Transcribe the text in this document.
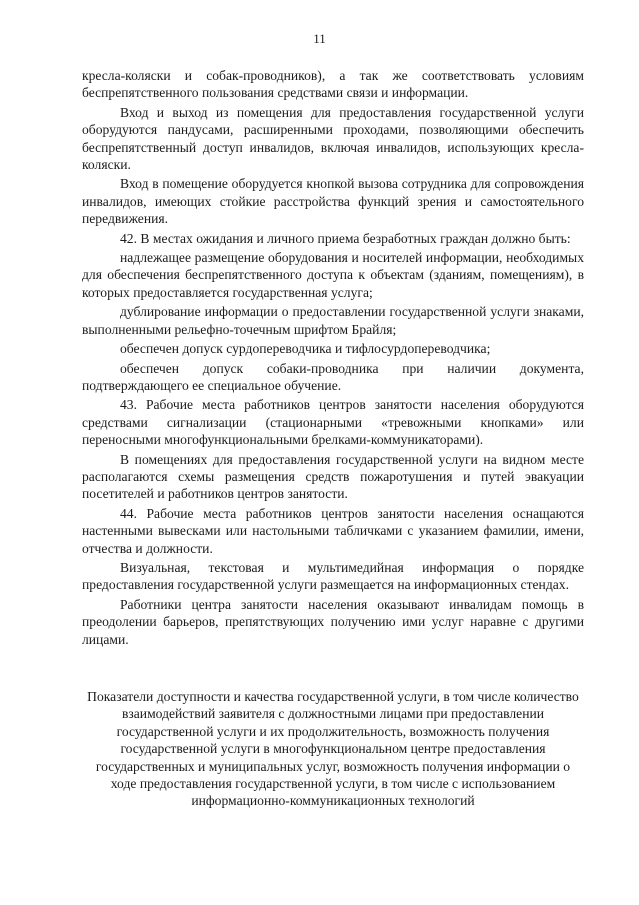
11

кресла-коляски и собак-проводников), а так же соответствовать условиям беспрепятственного пользования средствами связи и информации.

Вход и выход из помещения для предоставления государственной услуги оборудуются пандусами, расширенными проходами, позволяющими обеспечить беспрепятственный доступ инвалидов, включая инвалидов, использующих кресла-коляски.

Вход в помещение оборудуется кнопкой вызова сотрудника для сопровождения инвалидов, имеющих стойкие расстройства функций зрения и самостоятельного передвижения.

42. В местах ожидания и личного приема безработных граждан должно быть:

надлежащее размещение оборудования и носителей информации, необходимых для обеспечения беспрепятственного доступа к объектам (зданиям, помещениям), в которых предоставляется государственная услуга;

дублирование информации о предоставлении государственной услуги знаками, выполненными рельефно-точечным шрифтом Брайля;

обеспечен допуск сурдопереводчика и тифлосурдопереводчика;

обеспечен допуск собаки-проводника при наличии документа, подтверждающего ее специальное обучение.

43. Рабочие места работников центров занятости населения оборудуются средствами сигнализации (стационарными «тревожными кнопками» или переносными многофункциональными брелками-коммуникаторами).

В помещениях для предоставления государственной услуги на видном месте располагаются схемы размещения средств пожаротушения и путей эвакуации посетителей и работников центров занятости.

44. Рабочие места работников центров занятости населения оснащаются настенными вывесками или настольными табличками с указанием фамилии, имени, отчества и должности.

Визуальная, текстовая и мультимедийная информация о порядке предоставления государственной услуги размещается на информационных стендах.

Работники центра занятости населения оказывают инвалидам помощь в преодолении барьеров, препятствующих получению ими услуг наравне с другими лицами.

Показатели доступности и качества государственной услуги, в том числе количество взаимодействий заявителя с должностными лицами при предоставлении государственной услуги и их продолжительность, возможность получения государственной услуги в многофункциональном центре предоставления государственных и муниципальных услуг, возможность получения информации о ходе предоставления государственной услуги, в том числе с использованием информационно-коммуникационных технологий
